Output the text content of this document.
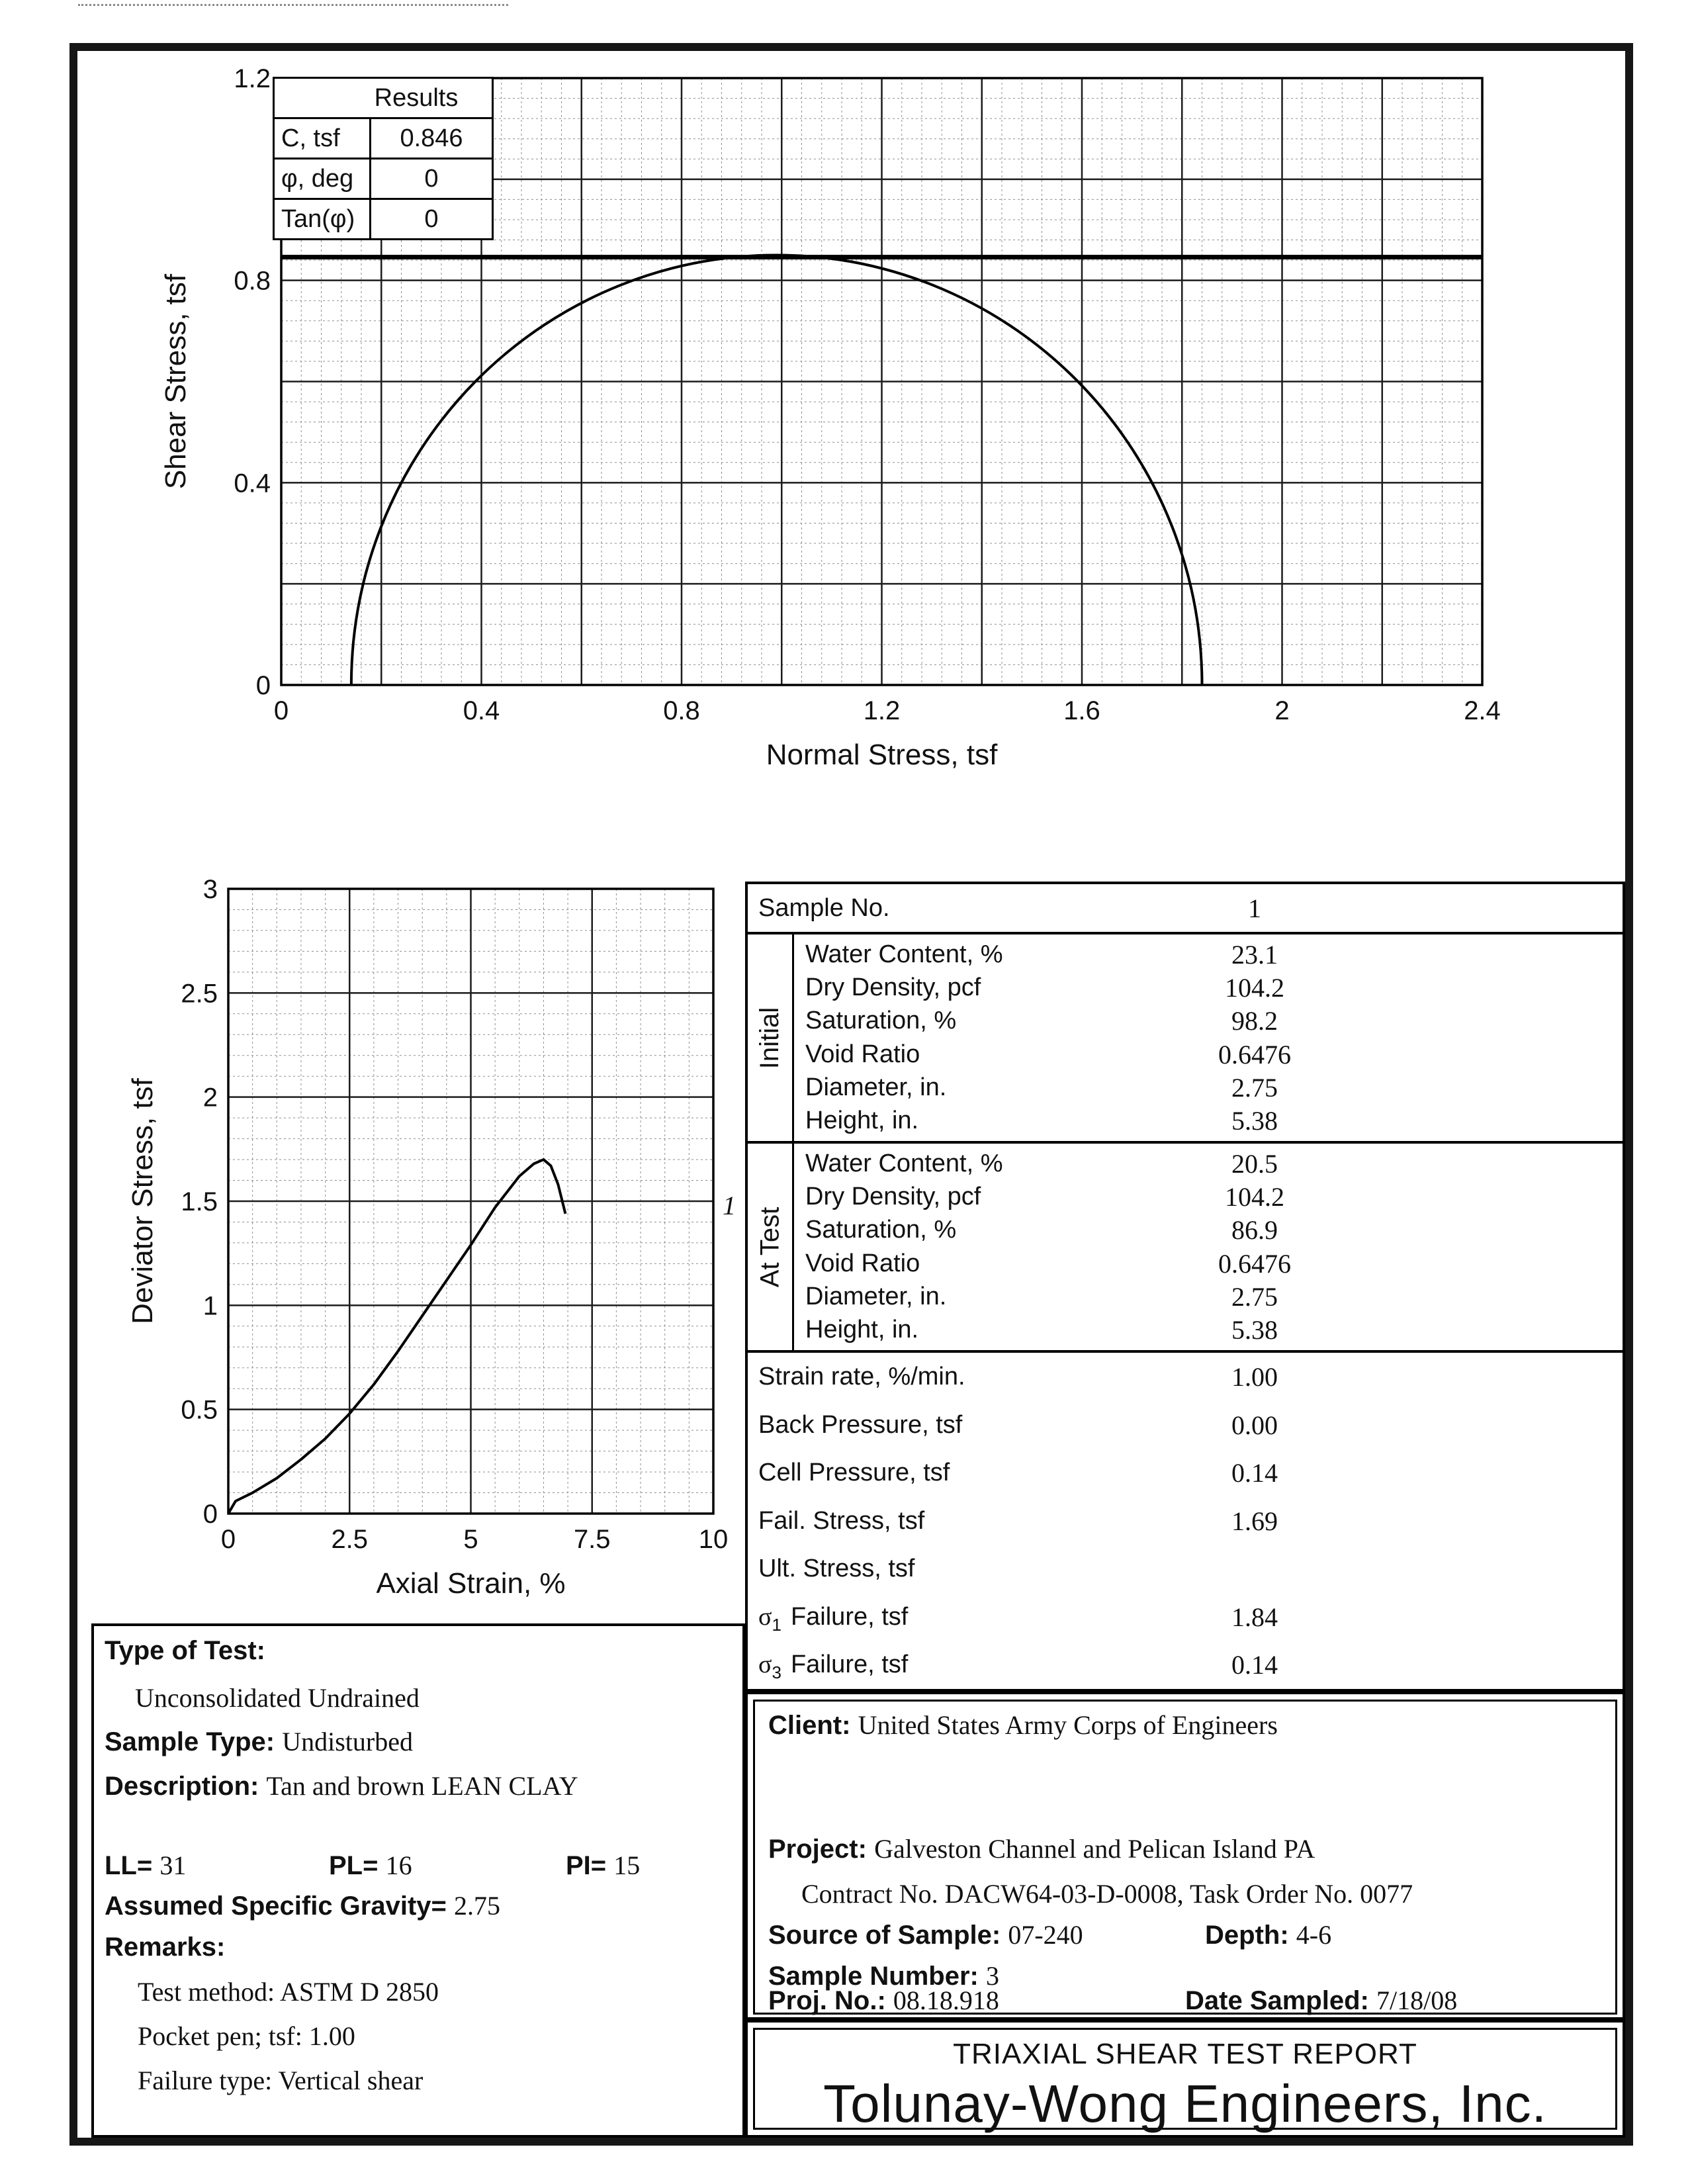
0	0.4	0.8	1.2	1.6	2	2.4
0
0.4
0.8
1.2
Normal Stress, tsf
Shear Stress, tsf
Results	
C, tsf	0.846
φ, deg	0
Tan(φ)	0
0	2.5	5	7.5	10
0
0.5
1
1.5
2
2.5
3
Axial Strain, %
Deviator Stress, tsf	1
Sample No.	1
Initial
Water Content, %	23.1
Dry Density, pcf	104.2
Saturation, %	98.2
Void Ratio	0.6476
Diameter, in.	2.75
Height, in.	5.38
At Test
Water Content, %	20.5
Dry Density, pcf	104.2
Saturation, %	86.9
Void Ratio	0.6476
Diameter, in.	2.75
Height, in.	5.38
Strain rate, %/min.	1.00
Back Pressure, tsf	0.00
Cell Pressure, tsf	0.14
Fail. Stress, tsf	1.69
Ult. Stress, tsf
$\sigma_1$ Failure, tsf	1.84
$\sigma_3$ Failure, tsf	0.14
Type of Test:
Unconsolidated Undrained
Sample Type: Undisturbed
Description: Tan and brown LEAN CLAY
LL= 31	PL= 16	PI= 15
Assumed Specific Gravity= 2.75
Remarks:
Test method: ASTM D 2850
Pocket pen; tsf: 1.00
Failure type: Vertical shear
Client: United States Army Corps of Engineers
Project: Galveston Channel and Pelican Island PA
Contract No. DACW64-03-D-0008, Task Order No. 0077
Source of Sample: 07-240	Depth: 4-6
Sample Number: 3
Proj. No.: 08.18.918	Date Sampled: 7/18/08
TRIAXIAL SHEAR TEST REPORT
Tolunay-Wong Engineers, Inc.
